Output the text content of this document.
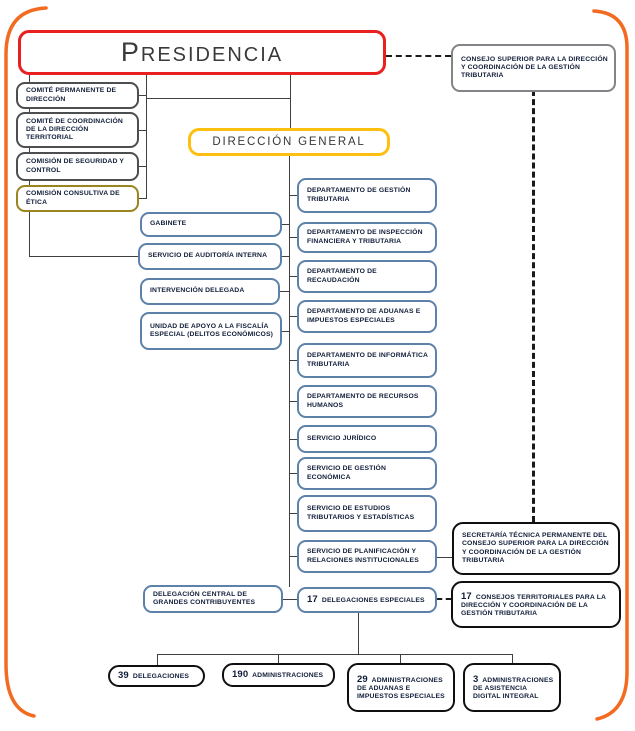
PRESIDENCIA	CONSEJO SUPERIOR PARA LA DIRECCIÓN Y COORDINACIÓN DE LA GESTIÓN TRIBUTARIA
COMITÉ PERMANENTE DE DIRECCIÓN
COMITÉ DE COORDINACIÓN DE LA DIRECCIÓN TERRITORIAL
COMISIÓN DE SEGURIDAD Y CONTROL
COMISIÓN CONSULTIVA DE ÉTICA
DIRECCIÓN GENERAL
GABINETE
SERVICIO DE AUDITORÍA INTERNA
INTERVENCIÓN DELEGADA
UNIDAD DE APOYO A LA FISCALÍA ESPECIAL (DELITOS ECONÓMICOS)
DEPARTAMENTO DE GESTIÓN TRIBUTARIA
DEPARTAMENTO DE INSPECCIÓN FINANCIERA Y TRIBUTARIA
DEPARTAMENTO DE RECAUDACIÓN
DEPARTAMENTO DE ADUANAS E IMPUESTOS ESPECIALES
DEPARTAMENTO DE INFORMÁTICA TRIBUTARIA
DEPARTAMENTO DE RECURSOS HUMANOS
SERVICIO JURÍDICO
SERVICIO DE GESTIÓN ECONÓMICA
SERVICIO DE ESTUDIOS TRIBUTARIOS Y ESTADÍSTICAS
SERVICIO DE PLANIFICACIÓN Y RELACIONES INSTITUCIONALES
DELEGACIÓN CENTRAL DE GRANDES CONTRIBUYENTES	17 DELEGACIONES ESPECIALES
SECRETARÍA TÉCNICA PERMANENTE DEL CONSEJO SUPERIOR PARA LA DIRECCIÓN Y COORDINACIÓN DE LA GESTIÓN TRIBUTARIA
17 CONSEJOS TERRITORIALES PARA LA DIRECCIÓN Y COORDINACIÓN DE LA GESTIÓN TRIBUTARIA
39 DELEGACIONES	190 ADMINISTRACIONES	29 ADMINISTRACIONES DE ADUANAS E IMPUESTOS ESPECIALES
3 ADMINISTRACIONES DE ASISTENCIA DIGITAL INTEGRAL
